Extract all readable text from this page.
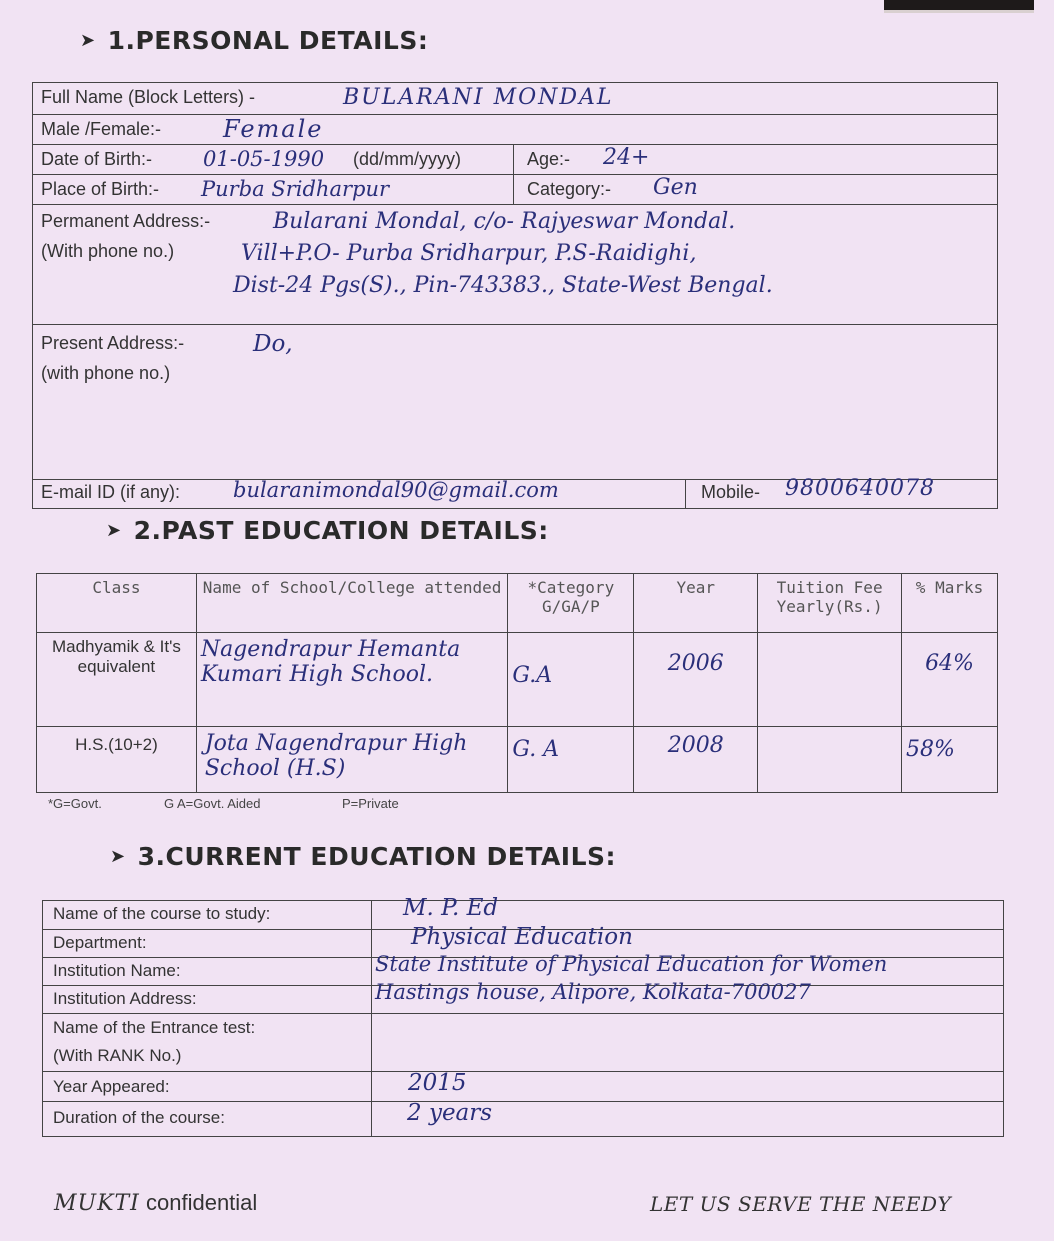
➤ 1.PERSONAL DETAILS:
Full Name (Block Letters) -	BULARANI MONDAL
Male /Female:-	Female
Date of Birth:- 01-05-1990 (dd/mm/yyyy)	Age:- 24+
Place of Birth:- Purba Sridharpur	Category:- Gen
Permanent Address:-
(With phone no.)
Bularani Mondal, c/o- Rajyeswar Mondal.
Vill+P.O- Purba Sridharpur, P.S-Raidighi,
Dist-24 Pgs(S)., Pin-743383., State-West Bengal.
Present Address:-
(with phone no.)
Do,
E-mail ID (if any):	bularanimondal90@gmail.com	Mobile- 9800640078
➤ 2.PAST EDUCATION DETAILS:
Class	Name of School/College attended	*Category G/GA/P	Year	Tuition Fee Yearly(Rs.)	% Marks
Madhyamik & It's equivalent	Nagendrapur Hemanta Kumari High School.	G.A	2006		64%
H.S.(10+2)	Jota Nagendrapur High School (H.S)	G. A	2008		58%
*G=Govt.	G A=Govt. Aided	P=Private
➤ 3.CURRENT EDUCATION DETAILS:
Name of the course to study:	M. P. Ed
Department:	Physical Education
Institution Name:	State Institute of Physical Education for Women
Institution Address:	Hastings house, Alipore, Kolkata-700027
Name of the Entrance test:
(With RANK No.)
Year Appeared:	2015
Duration of the course:	2 years
MUKTI confidential	LET US SERVE THE NEEDY
